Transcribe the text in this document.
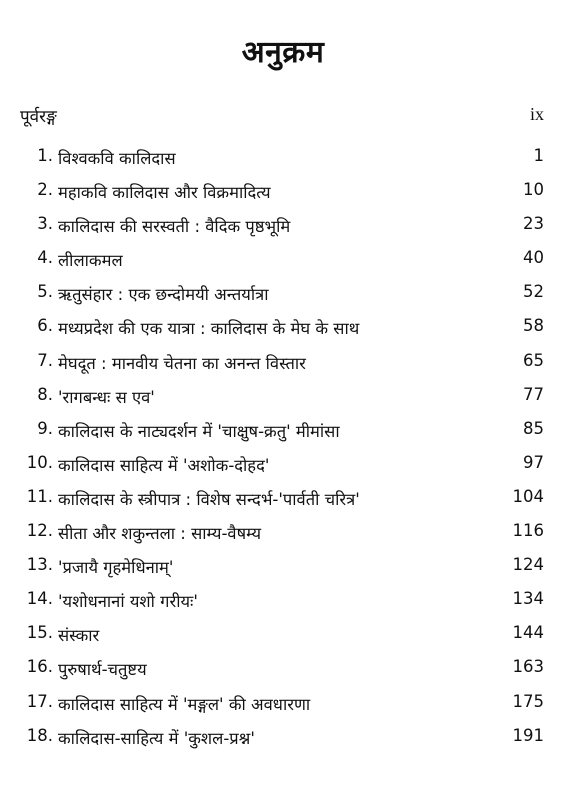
अनुक्रम
पूर्वरङ्ग	ix
1. विश्वकवि कालिदास	1
2. महाकवि कालिदास और विक्रमादित्य	10
3. कालिदास की सरस्वती : वैदिक पृष्ठभूमि	23
4. लीलाकमल	40
5. ऋतुसंहार : एक छन्दोमयी अन्तर्यात्रा	52
6. मध्यप्रदेश की एक यात्रा : कालिदास के मेघ के साथ	58
7. मेघदूत : मानवीय चेतना का अनन्त विस्तार	65
8. 'रागबन्धः स एव'	77
9. कालिदास के नाट्यदर्शन में 'चाक्षुष-क्रतु' मीमांसा	85
10. कालिदास साहित्य में 'अशोक-दोहद'	97
11. कालिदास के स्त्रीपात्र : विशेष सन्दर्भ-'पार्वती चरित्र'	104
12. सीता और शकुन्तला : साम्य-वैषम्य	116
13. 'प्रजायै गृहमेधिनाम्'	124
14. 'यशोधनानां यशो गरीयः'	134
15. संस्कार	144
16. पुरुषार्थ-चतुष्टय	163
17. कालिदास साहित्य में 'मङ्गल' की अवधारणा	175
18. कालिदास-साहित्य में 'कुशल-प्रश्न'	191
